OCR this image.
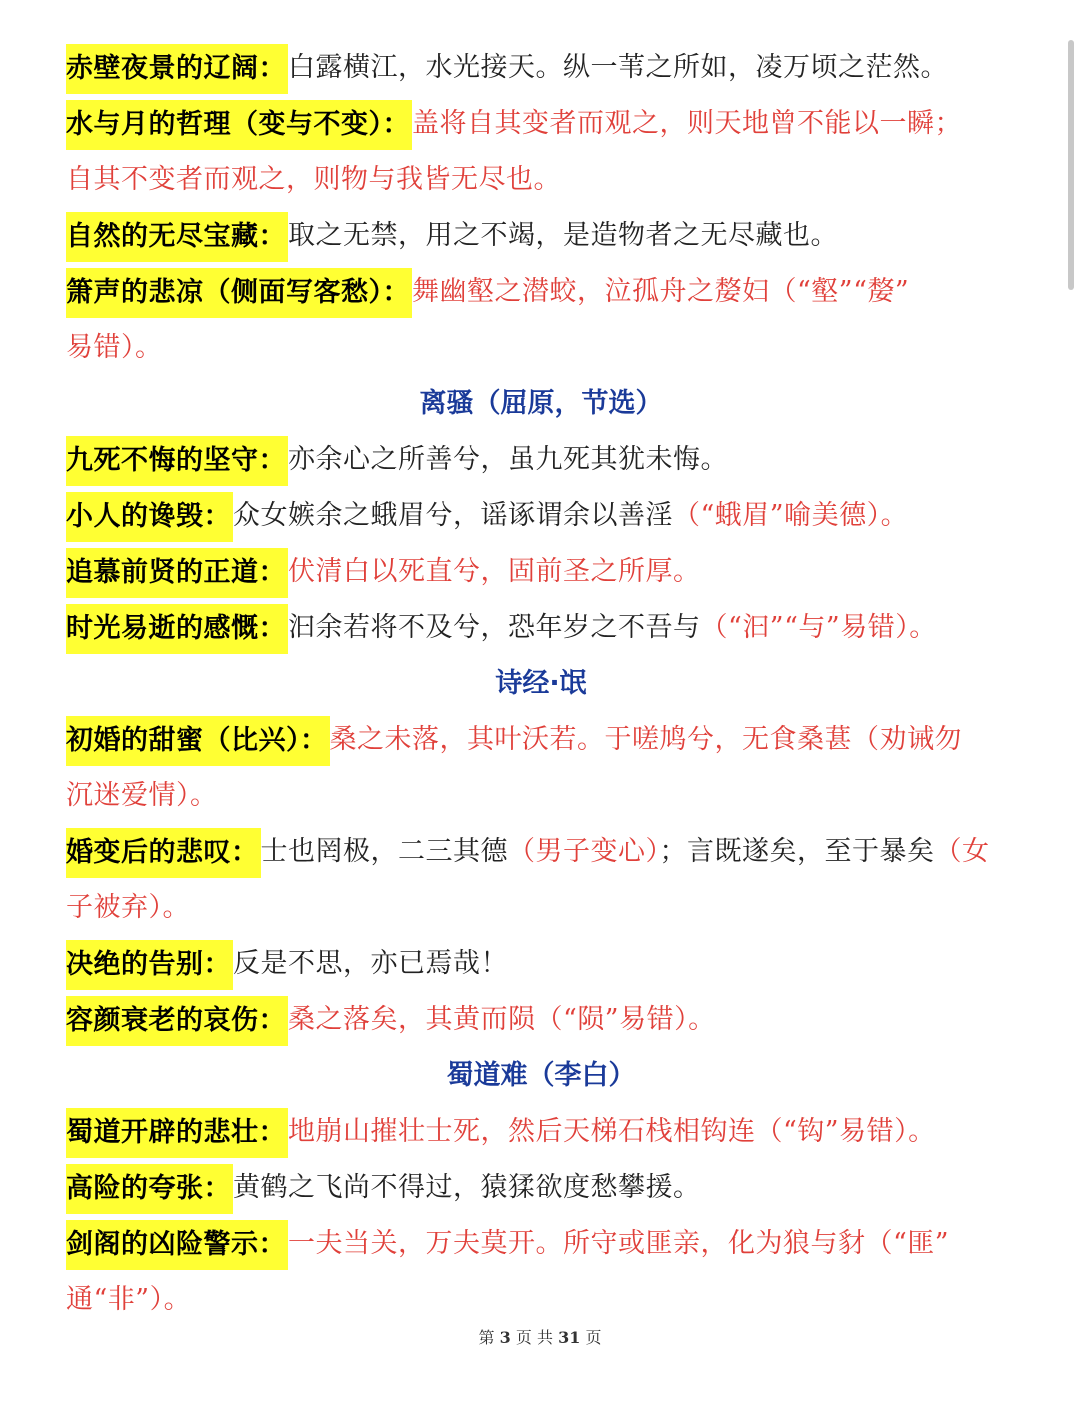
赤壁夜景的辽阔：白露横江，水光接天。纵一苇之所如，凌万顷之茫然。
水与月的哲理（变与不变）：盖将自其变者而观之，则天地曾不能以一瞬；
自其不变者而观之，则物与我皆无尽也。
自然的无尽宝藏：取之无禁，用之不竭，是造物者之无尽藏也。
箫声的悲凉（侧面写客愁）：舞幽壑之潜蛟，泣孤舟之嫠妇（“壑”“嫠”
易错）。
离骚（屈原，节选）
九死不悔的坚守：亦余心之所善兮，虽九死其犹未悔。
小人的谗毁：众女嫉余之蛾眉兮，谣诼谓余以善淫（“蛾眉”喻美德）。
追慕前贤的正道：伏清白以死直兮，固前圣之所厚。
时光易逝的感慨：汩余若将不及兮，恐年岁之不吾与（“汩”“与”易错）。
诗经·氓
初婚的甜蜜（比兴）：桑之未落，其叶沃若。于嗟鸠兮，无食桑葚（劝诫勿
沉迷爱情）。
婚变后的悲叹：士也罔极，二三其德（男子变心）；言既遂矣，至于暴矣（女
子被弃）。
决绝的告别：反是不思，亦已焉哉！
容颜衰老的哀伤：桑之落矣，其黄而陨（“陨”易错）。
蜀道难（李白）
蜀道开辟的悲壮：地崩山摧壮士死，然后天梯石栈相钩连（“钩”易错）。
高险的夸张：黄鹤之飞尚不得过，猿猱欲度愁攀援。
剑阁的凶险警示：一夫当关，万夫莫开。所守或匪亲，化为狼与豺（“匪”
通“非”）。
第 3 页 共 31 页
